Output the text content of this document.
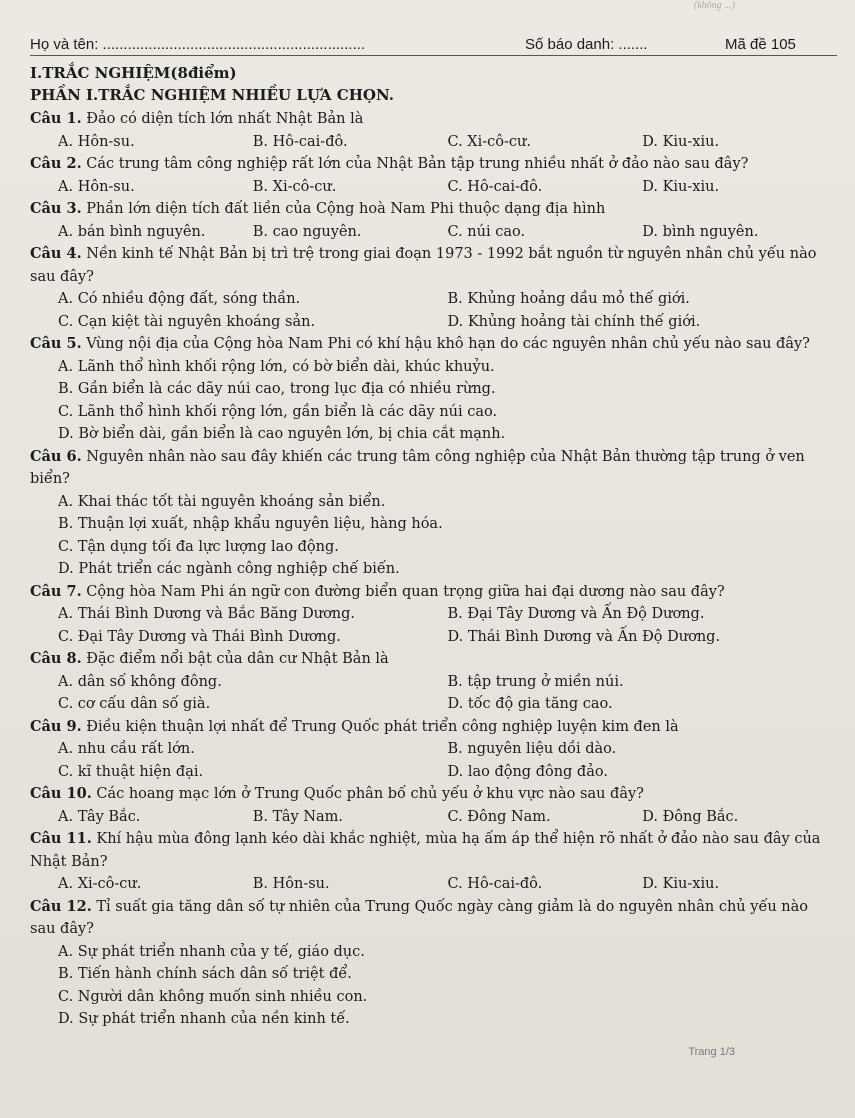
(không ...)
Họ và tên: ...............................................................	Số báo danh: .......	Mã đề 105
I.TRẮC NGHIỆM(8điểm)
PHẦN I.TRẮC NGHIỆM NHIỀU LỰA CHỌN.
Câu 1. Đảo có diện tích lớn nhất Nhật Bản là
A. Hôn-su.	B. Hô-cai-đô.	C. Xi-cô-cư.	D. Kiu-xiu.
Câu 2. Các trung tâm công nghiệp rất lớn của Nhật Bản tập trung nhiều nhất ở đảo nào sau đây?
A. Hôn-su.	B. Xi-cô-cư.	C. Hô-cai-đô.	D. Kiu-xiu.
Câu 3. Phần lớn diện tích đất liền của Cộng hoà Nam Phi thuộc dạng địa hình
A. bán bình nguyên.	B. cao nguyên.	C. núi cao.	D. bình nguyên.
Câu 4. Nền kinh tế Nhật Bản bị trì trệ trong giai đoạn 1973 - 1992 bắt nguồn từ nguyên nhân chủ yếu nào sau đây?
A. Có nhiều động đất, sóng thần.	B. Khủng hoảng dầu mỏ thế giới.
C. Cạn kiệt tài nguyên khoáng sản.	D. Khủng hoảng tài chính thế giới.
Câu 5. Vùng nội địa của Cộng hòa Nam Phi có khí hậu khô hạn do các nguyên nhân chủ yếu nào sau đây?
A. Lãnh thổ hình khối rộng lớn, có bờ biển dài, khúc khuỷu.
B. Gần biển là các dãy núi cao, trong lục địa có nhiều rừng.
C. Lãnh thổ hình khối rộng lớn, gần biển là các dãy núi cao.
D. Bờ biển dài, gần biển là cao nguyên lớn, bị chia cắt mạnh.
Câu 6. Nguyên nhân nào sau đây khiến các trung tâm công nghiệp của Nhật Bản thường tập trung ở ven biển?
A. Khai thác tốt tài nguyên khoáng sản biển.
B. Thuận lợi xuất, nhập khẩu nguyên liệu, hàng hóa.
C. Tận dụng tối đa lực lượng lao động.
D. Phát triển các ngành công nghiệp chế biến.
Câu 7. Cộng hòa Nam Phi án ngữ con đường biển quan trọng giữa hai đại dương nào sau đây?
A. Thái Bình Dương và Bắc Băng Dương.	B. Đại Tây Dương và Ấn Độ Dương.
C. Đại Tây Dương và Thái Bình Dương.	D. Thái Bình Dương và Ấn Độ Dương.
Câu 8. Đặc điểm nổi bật của dân cư Nhật Bản là
A. dân số không đông.	B. tập trung ở miền núi.
C. cơ cấu dân số già.	D. tốc độ gia tăng cao.
Câu 9. Điều kiện thuận lợi nhất để Trung Quốc phát triển công nghiệp luyện kim đen là
A. nhu cầu rất lớn.	B. nguyên liệu dồi dào.
C. kĩ thuật hiện đại.	D. lao động đông đảo.
Câu 10. Các hoang mạc lớn ở Trung Quốc phân bố chủ yếu ở khu vực nào sau đây?
A. Tây Bắc.	B. Tây Nam.	C. Đông Nam.	D. Đông Bắc.
Câu 11. Khí hậu mùa đông lạnh kéo dài khắc nghiệt, mùa hạ ấm áp thể hiện rõ nhất ở đảo nào sau đây của Nhật Bản?
A. Xi-cô-cư.	B. Hôn-su.	C. Hô-cai-đô.	D. Kiu-xiu.
Câu 12. Tỉ suất gia tăng dân số tự nhiên của Trung Quốc ngày càng giảm là do nguyên nhân chủ yếu nào sau đây?
A. Sự phát triển nhanh của y tế, giáo dục.
B. Tiến hành chính sách dân số triệt để.
C. Người dân không muốn sinh nhiều con.
D. Sự phát triển nhanh của nền kinh tế.
Trang 1/3
